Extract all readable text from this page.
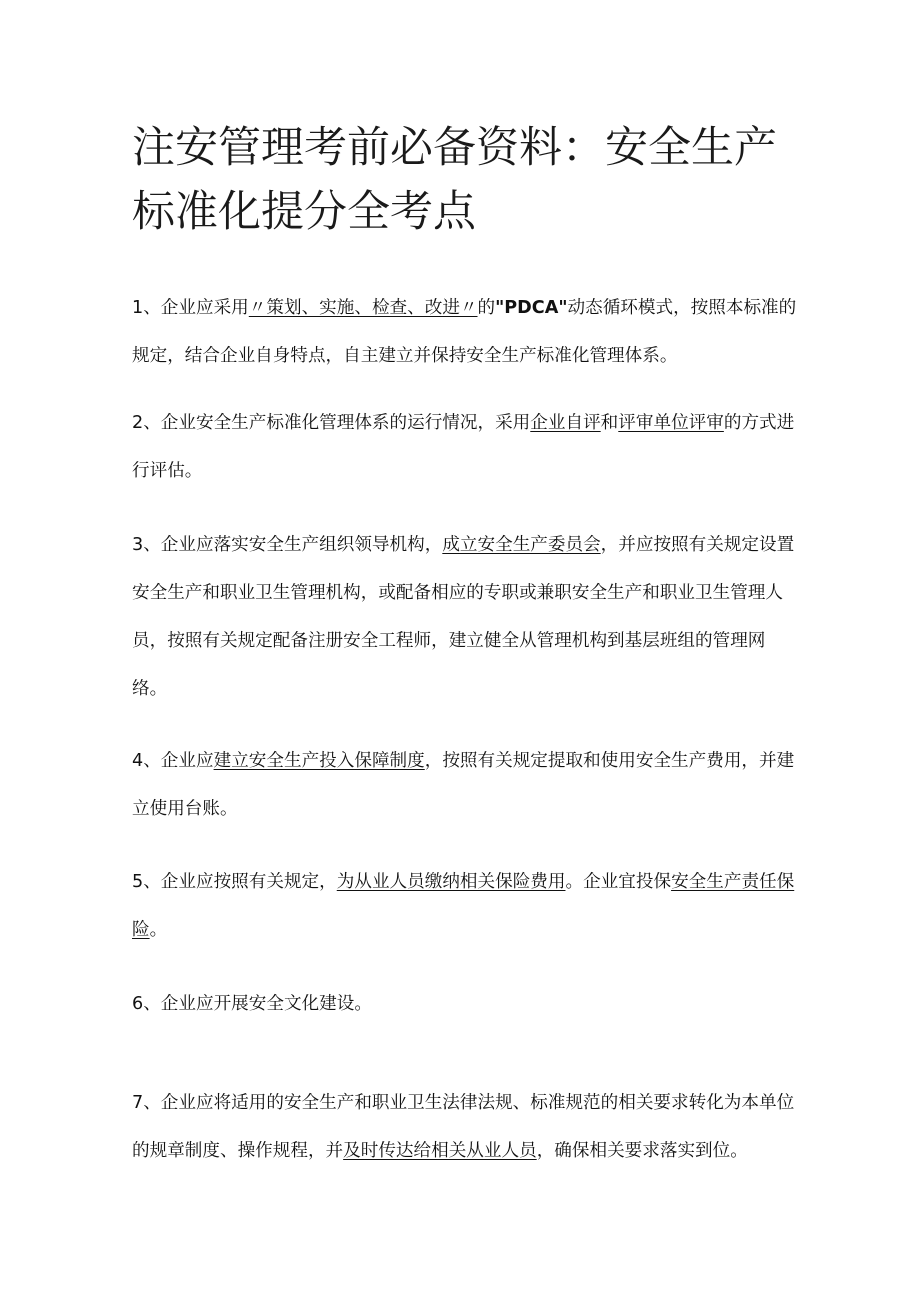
注安管理考前必备资料：安全生产标准化提分全考点

1、企业应采用〃策划、实施、检查、改进〃的"PDCA"动态循环模式，按照本标准的规定，结合企业自身特点，自主建立并保持安全生产标准化管理体系。

2、企业安全生产标准化管理体系的运行情况，采用企业自评和评审单位评审的方式进行评估。

3、企业应落实安全生产组织领导机构，成立安全生产委员会，并应按照有关规定设置安全生产和职业卫生管理机构，或配备相应的专职或兼职安全生产和职业卫生管理人员，按照有关规定配备注册安全工程师，建立健全从管理机构到基层班组的管理网络。

4、企业应建立安全生产投入保障制度，按照有关规定提取和使用安全生产费用，并建立使用台账。

5、企业应按照有关规定，为从业人员缴纳相关保险费用。企业宜投保安全生产责任保险。

6、企业应开展安全文化建设。

7、企业应将适用的安全生产和职业卫生法律法规、标准规范的相关要求转化为本单位的规章制度、操作规程，并及时传达给相关从业人员，确保相关要求落实到位。
